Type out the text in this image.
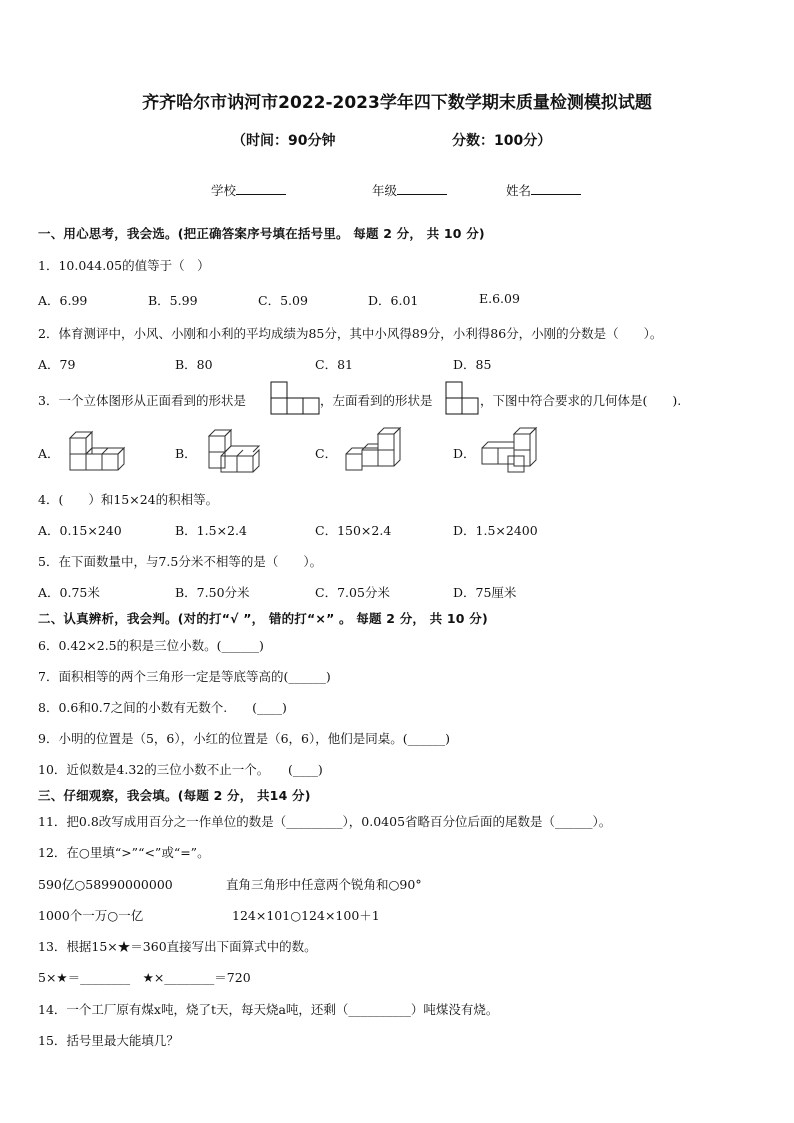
齐齐哈尔市讷河市2022-2023学年四下数学期末质量检测模拟试题
（时间：90分钟	分数：100分）
学校	年级	姓名
一、用心思考，我会选。(把正确答案序号填在括号里。 每题 2 分， 共 10 分)
1．10.044.05的值等于（　）
A．6.99	B．5.99	C．5.09	D．6.01	E.6.09
2．体育测评中，小风、小刚和小利的平均成绩为85分，其中小风得89分，小利得86分，小刚的分数是（　　）。
A．79	B．80	C．81	D．85
3．一个立体图形从正面看到的形状是	，左面看到的形状是	，下图中符合要求的几何体是(　　).
A．	B．	C．	D．
4．(　　）和15×24的积相等。
A．0.15×240	B．1.5×2.4	C．150×2.4	D．1.5×2400
5．在下面数量中，与7.5分米不相等的是（　　）。
A．0.75米	B．7.50分米	C．7.05分米	D．75厘米
二、认真辨析，我会判。(对的打“√ ”， 错的打“×” 。 每题 2 分， 共 10 分)
6．0.42×2.5的积是三位小数。(______)
7．面积相等的两个三角形一定是等底等高的(______)
8．0.6和0.7之间的小数有无数个.　　(____)
9．小明的位置是（5，6），小红的位置是（6，6），他们是同桌。(______)
10．近似数是4.32的三位小数不止一个。　　(____)
三、仔细观察，我会填。(每题 2 分， 共14 分)
11．把0.8改写成用百分之一作单位的数是（_________），0.0405省略百分位后面的尾数是（______）。
12．在○里填“>”“<”或“=”。
590亿○58990000000	直角三角形中任意两个锐角和○90°
1000个一万○一亿	124×101○124×100＋1
13．根据15×★＝360直接写出下面算式中的数。
5×★＝________　★×________＝720
14．一个工厂原有煤x吨，烧了t天，每天烧a吨，还剩（__________）吨煤没有烧。
15．括号里最大能填几？
